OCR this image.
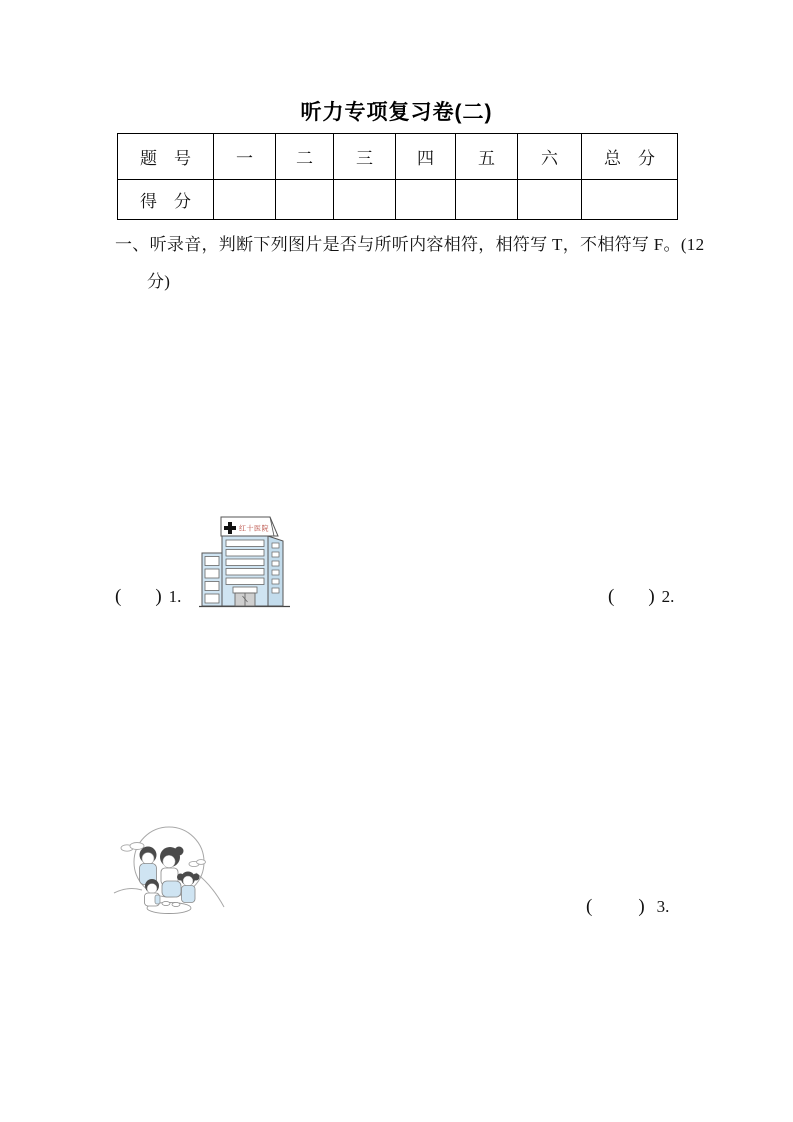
听力专项复习卷(二)
题　号	一	二	三	四	五	六	总　分
得　分							
一、听录音，判断下列图片是否与所听内容相符，相符写 T，不相符写 F。(12
分)
( ) 1.
红十医院
( ) 2.
( ) 3.
